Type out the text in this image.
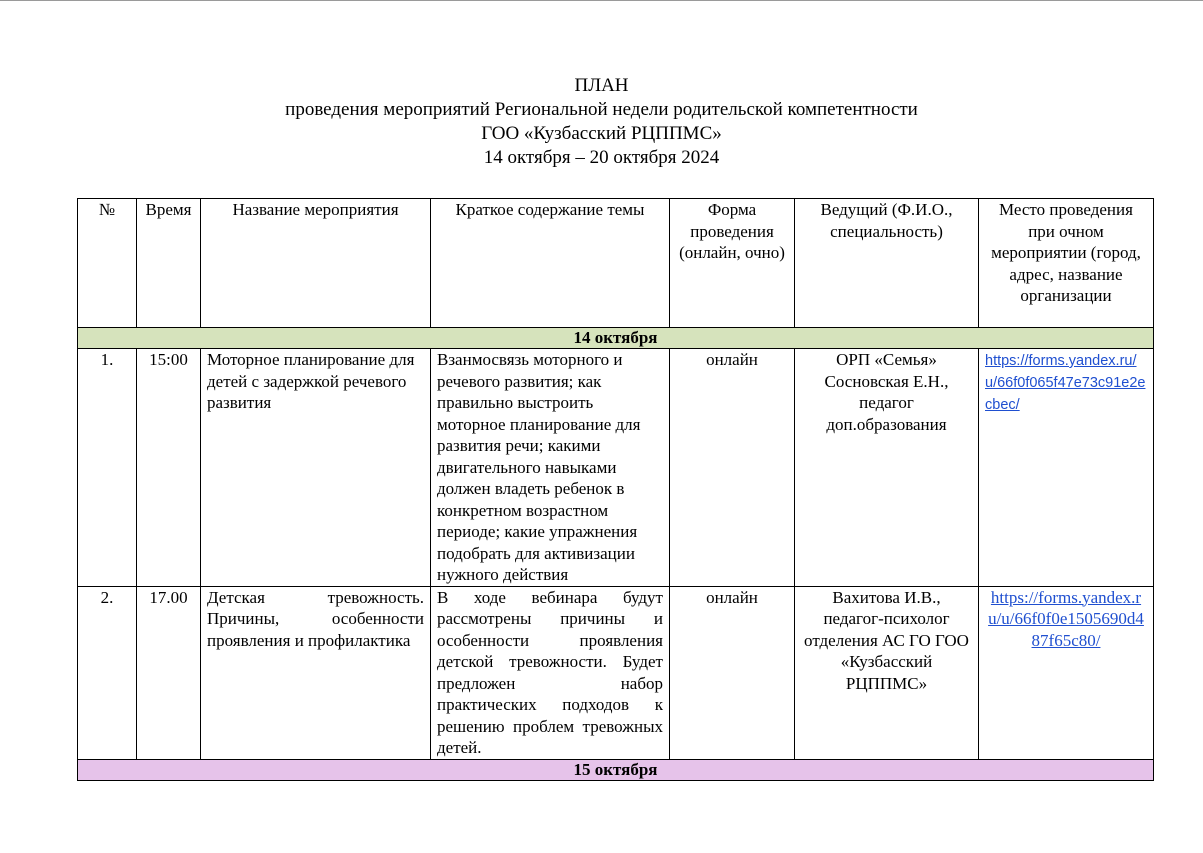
ПЛАН
проведения мероприятий Региональной недели родительской компетентности
ГОО «Кузбасский РЦППМС»
14 октября – 20 октября 2024
№	Время	Название мероприятия	Краткое содержание темы	Форма проведения (онлайн, очно)	Ведущий (Ф.И.О., специальность)	Место проведения при очном мероприятии (город, адрес, название организации
14 октября						
1.	15:00	Моторное планирование для детей с задержкой речевого развития	Взанмосвязь моторного и речевого развития; как правильно выстроить моторное планирование для развития речи; какими двигательного навыками должен владеть ребенок в конкретном возрастном периоде; какие упражнения подобрать для активизации нужного действия	онлайн	ОРП «Семья» Сосновская Е.Н., педагог доп.образования	https://forms.yandex.ru/u/66f0f065f47e73c91e2ecbec/
2.	17.00	Детская тревожность. Причины, особенности проявления и профилактика	В ходе вебинара будут рассмотрены причины и особенности проявления детской тревожности. Будет предложен набор практических подходов к решению проблем тревожных детей.	онлайн	Вахитова И.В., педагог-психолог отделения АС ГО ГОО «Кузбасский РЦППМС»	https://forms.yandex.ru/u/66f0f0e1505690d487f65c80/
15 октября						
